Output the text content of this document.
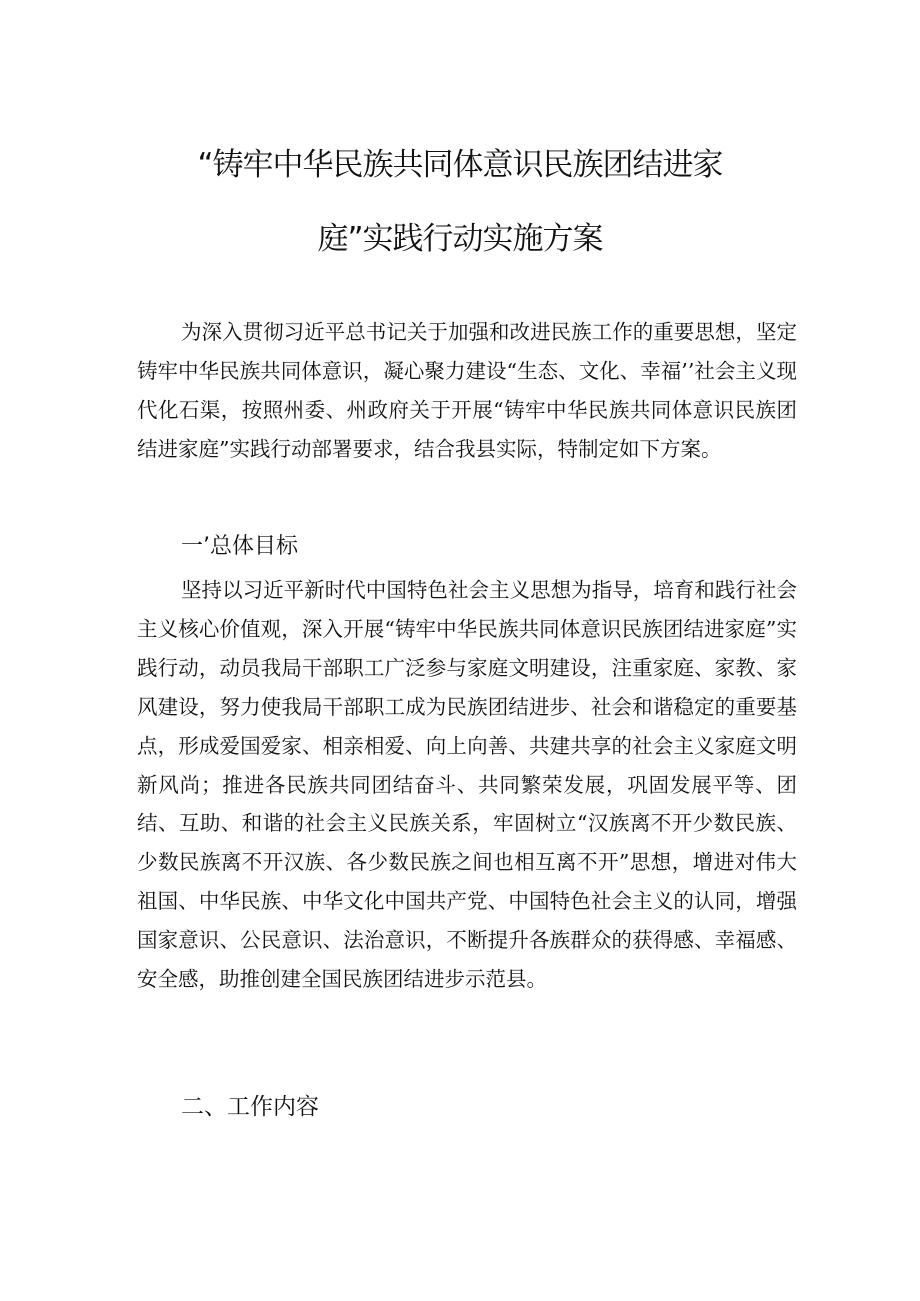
“铸牢中华民族共同体意识民族团结进家
庭”实践行动实施方案

为深入贯彻习近平总书记关于加强和改进民族工作的重要思想，坚定铸牢中华民族共同体意识，凝心聚力建设“生态、文化、幸福’’社会主义现代化石渠，按照州委、州政府关于开展“铸牢中华民族共同体意识民族团结进家庭”实践行动部署要求，结合我县实际，特制定如下方案。

一’总体目标

坚持以习近平新时代中国特色社会主义思想为指导，培育和践行社会主义核心价值观，深入开展“铸牢中华民族共同体意识民族团结进家庭”实践行动，动员我局干部职工广泛参与家庭文明建设，注重家庭、家教、家风建设，努力使我局干部职工成为民族团结进步、社会和谐稳定的重要基点，形成爱国爱家、相亲相爱、向上向善、共建共享的社会主义家庭文明新风尚；推进各民族共同团结奋斗、共同繁荣发展，巩固发展平等、团结、互助、和谐的社会主义民族关系，牢固树立“汉族离不开少数民族、少数民族离不开汉族、各少数民族之间也相互离不开”思想，增进对伟大祖国、中华民族、中华文化中国共产党、中国特色社会主义的认同，增强国家意识、公民意识、法治意识，不断提升各族群众的获得感、幸福感、安全感，助推创建全国民族团结进步示范县。

二、工作内容
